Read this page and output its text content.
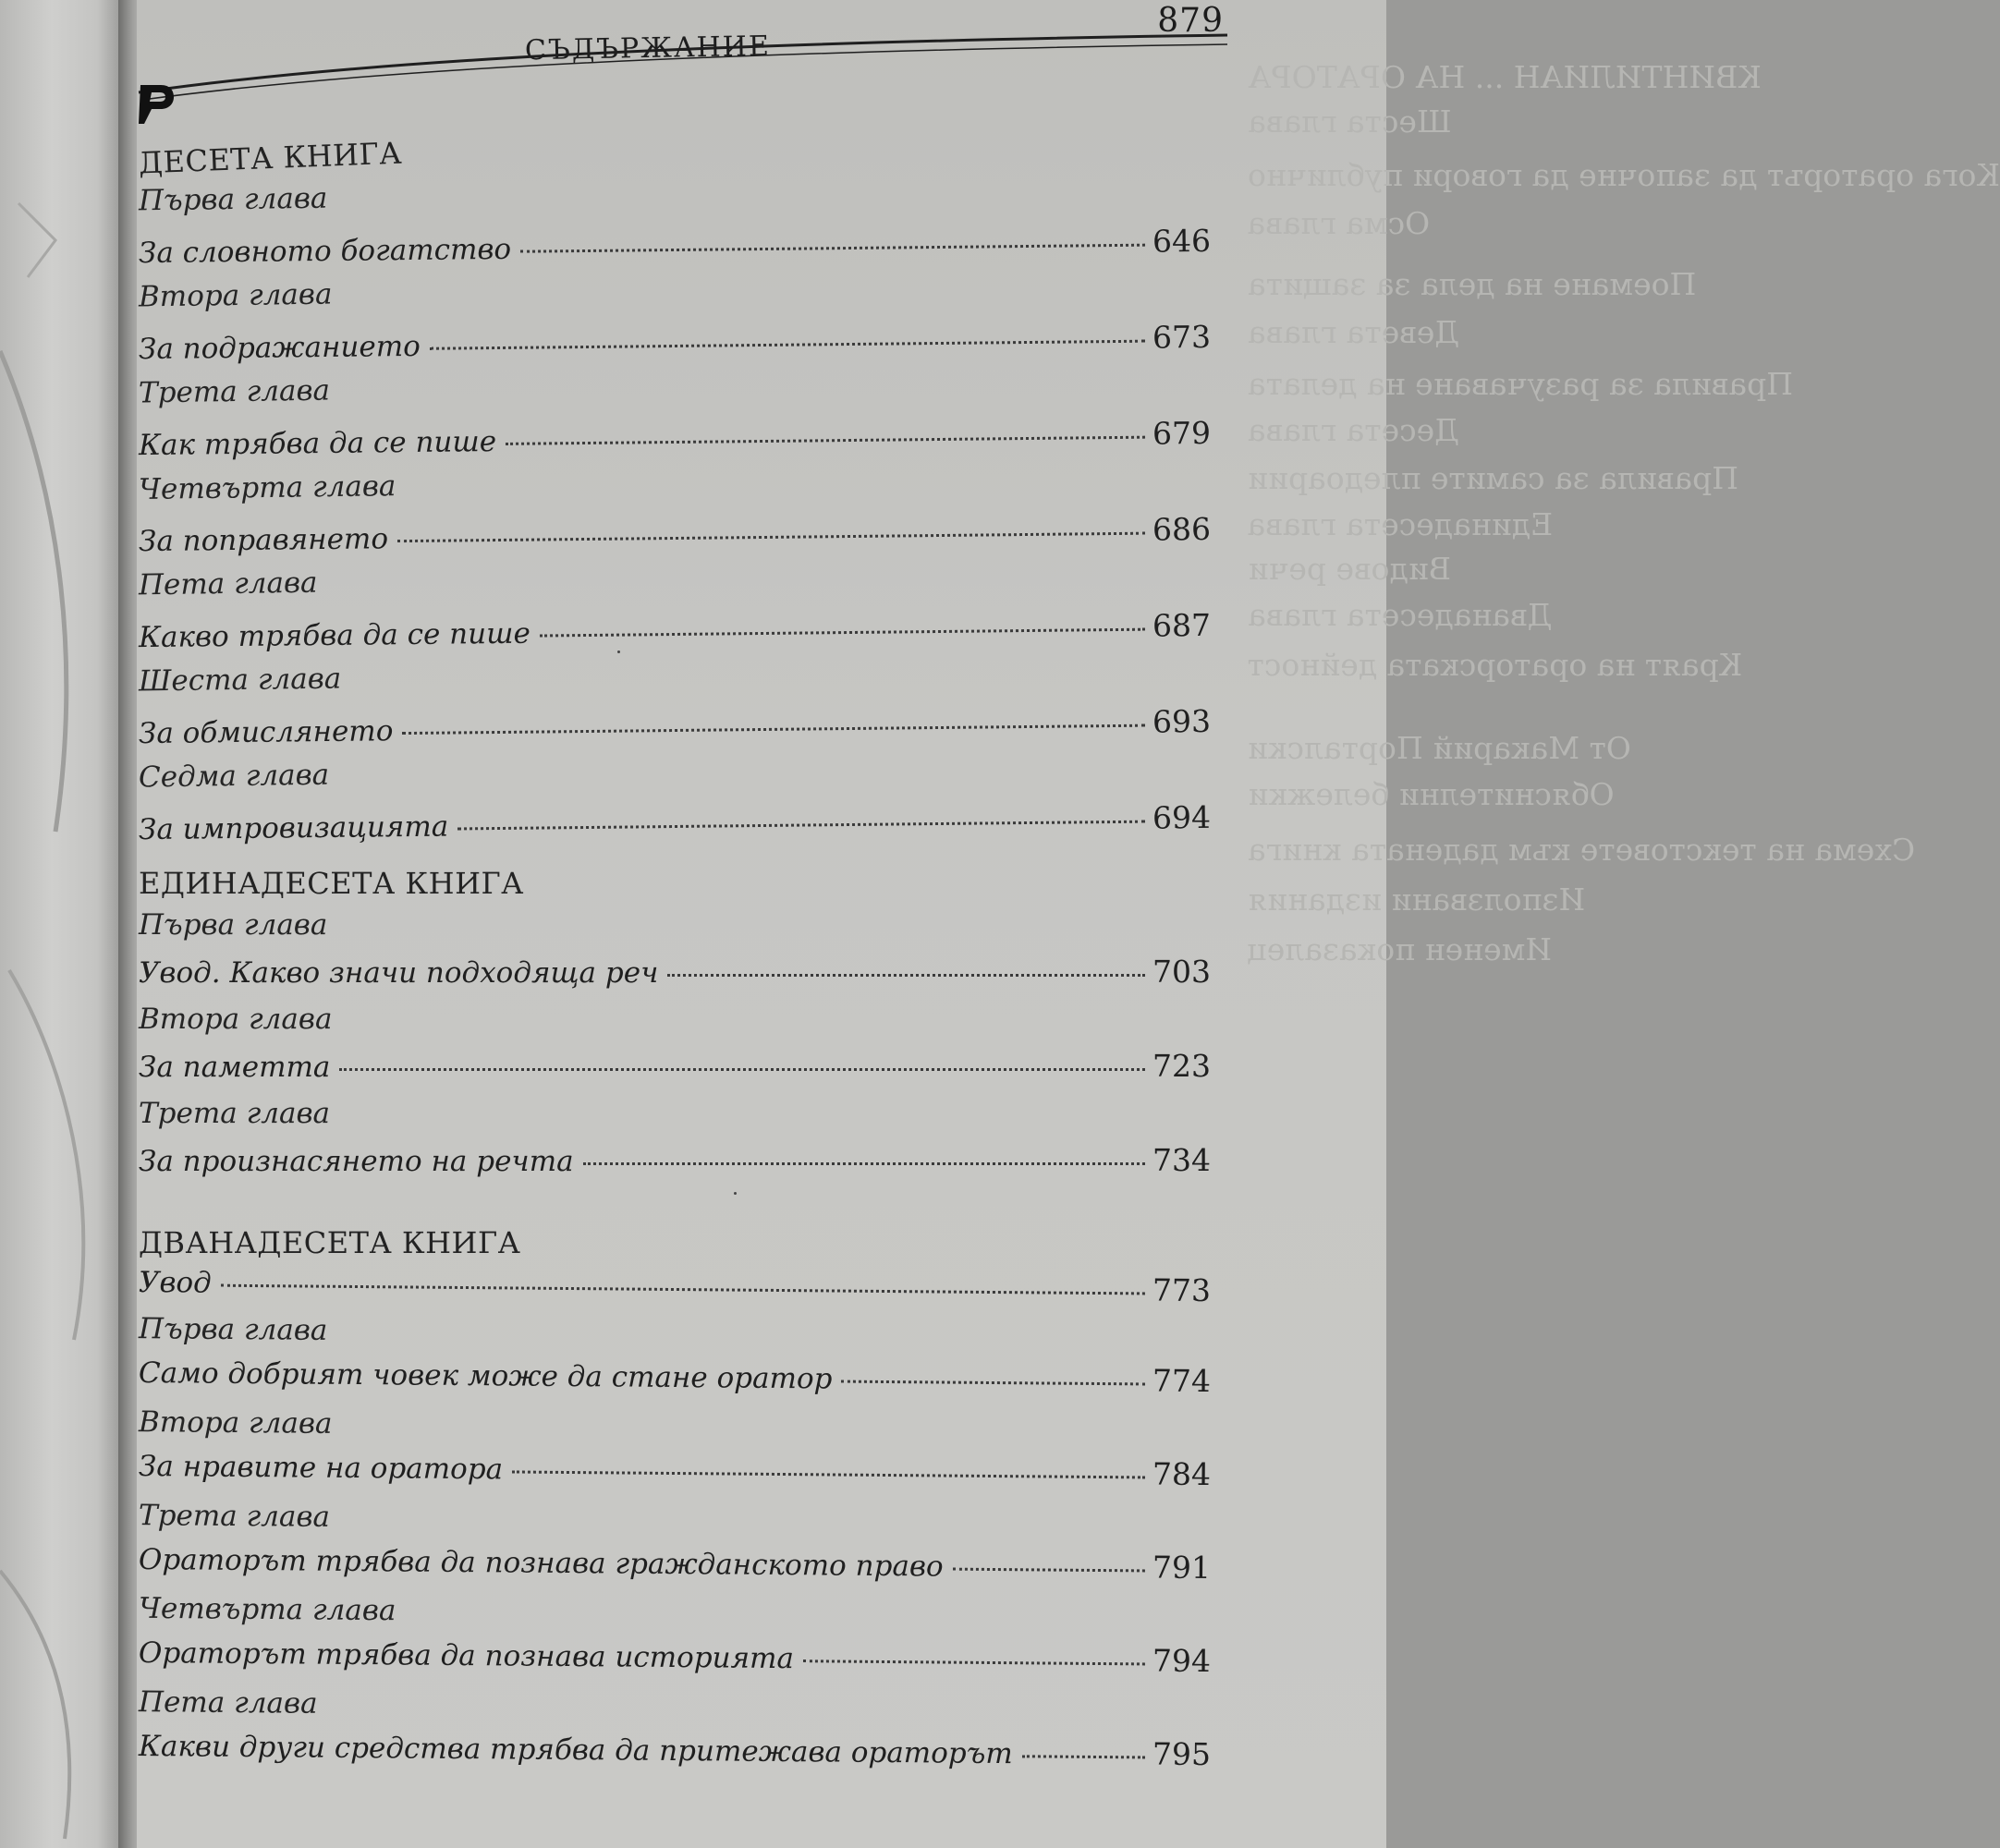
КВИНТИЛИАН ... НА ОРАТОРА
Шеста глава
Кога ораторът да започне да говори публично
Осма глава
Поемане на дела за защита
Девета глава
Правила за разучаване на делата
Десета глава
Правила за самите пледоарии
Единадесета глава
Видове речи
Дванадесета глава
Краят на ораторската дейност
От Макарий Порталски
Обяснителни бележки
Схема на текстовете към дадената книга
Използвани издания
Именен показалец
СЪДЪРЖАНИЕ
879
ДЕСЕТА КНИГА
Първа глава
За словното богатство	646
Втора глава
За подражанието	673
Трета глава
Как трябва да се пише	679
Четвърта глава
За поправянето	686
Пета глава
Какво трябва да се пише	687
Шеста глава
За обмислянето	693
Седма глава
За импровизацията	694
ЕДИНАДЕСЕТА КНИГА
Първа глава
Увод. Какво значи подходяща реч	703
Втора глава
За паметта	723
Трета глава
За произнасянето на речта	734
ДВАНАДЕСЕТА КНИГА
Увод	773
Първа глава
Само добрият човек може да стане оратор	774
Втора глава
За нравите на оратора	784
Трета глава
Ораторът трябва да познава гражданското право	791
Четвърта глава
Ораторът трябва да познава историята	794
Пета глава
Какви други средства трябва да притежава ораторът	795
